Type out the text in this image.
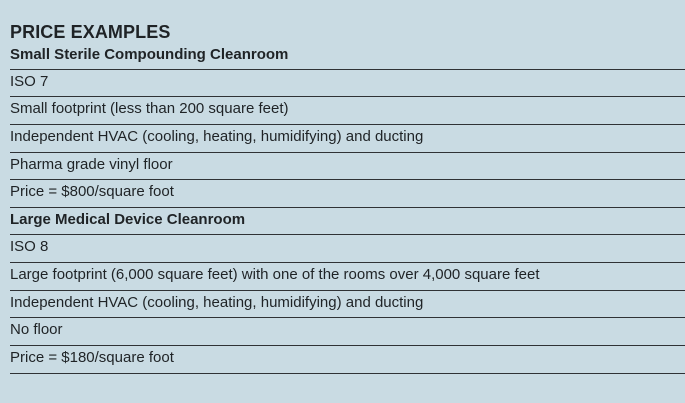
PRICE EXAMPLES
Small Sterile Compounding Cleanroom
ISO 7
Small footprint (less than 200 square feet)
Independent HVAC (cooling, heating, humidifying) and ducting
Pharma grade vinyl floor
Price = $800/square foot
Large Medical Device Cleanroom
ISO 8
Large footprint (6,000 square feet) with one of the rooms over 4,000 square feet
Independent HVAC (cooling, heating, humidifying) and ducting
No floor
Price = $180/square foot
